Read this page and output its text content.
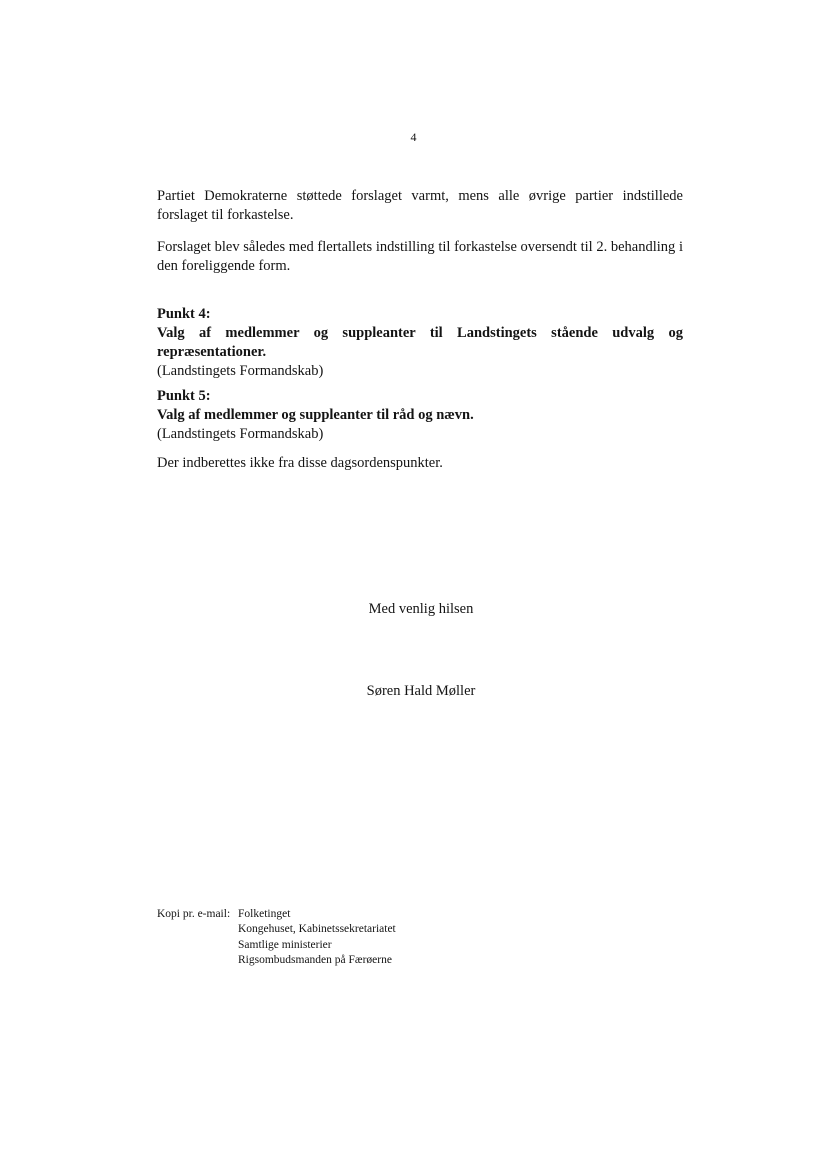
4

Partiet Demokraterne støttede forslaget varmt, mens alle øvrige partier indstillede forslaget til forkastelse.

Forslaget blev således med flertallets indstilling til forkastelse oversendt til 2. behandling i den foreliggende form.

Punkt 4:
Valg af medlemmer og suppleanter til Landstingets stående udvalg og
repræsentationer.
(Landstingets Formandskab)
Punkt 5:
Valg af medlemmer og suppleanter til råd og nævn.
(Landstingets Formandskab)

Der indberettes ikke fra disse dagsordenspunkter.

Med venlig hilsen
Søren Hald Møller
Kopi pr. e-mail: Folketinget
Kongehuset, Kabinetssekretariatet
Samtlige ministerier
Rigsombudsmanden på Færøerne
